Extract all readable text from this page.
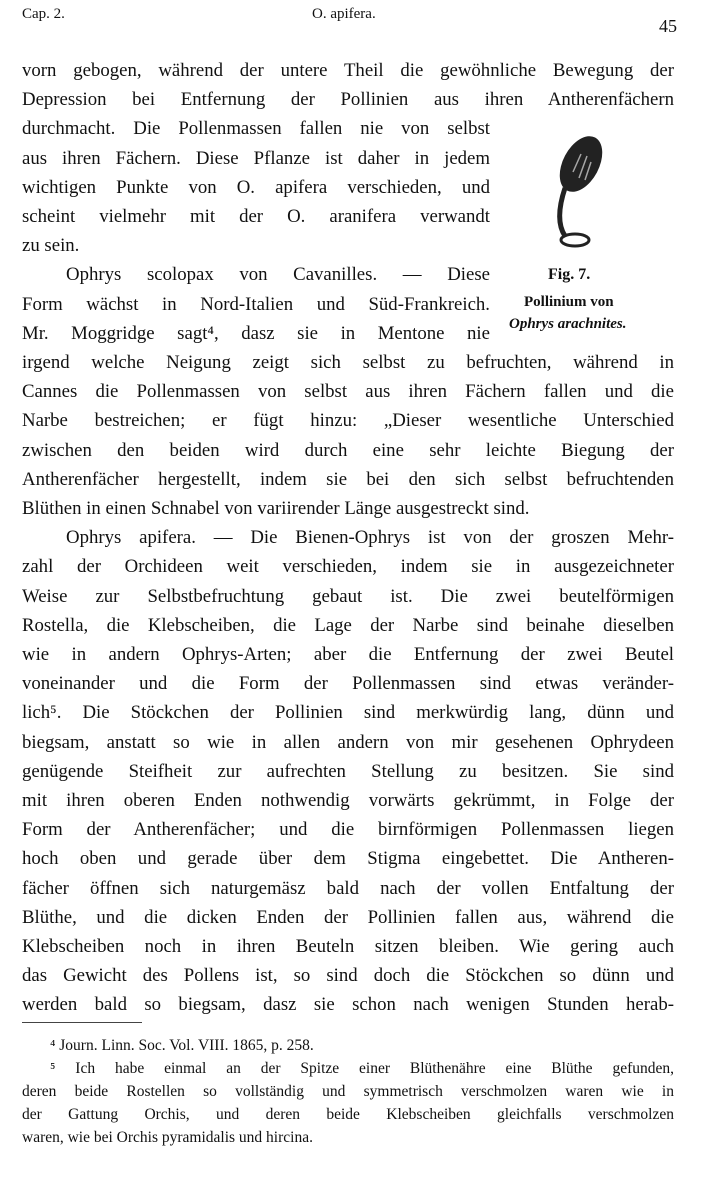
Cap. 2.	O. apifera.
45
vorn gebogen, während der untere Theil die gewöhnliche Bewegung der
Depression bei Entfernung der Pollinien aus ihren Antherenfächern
durchmacht. Die Pollenmassen fallen nie von selbst
aus ihren Fächern. Diese Pflanze ist daher in jedem
wichtigen Punkte von O. apifera verschieden, und
scheint vielmehr mit der O. aranifera verwandt
zu sein.
Ophrys scolopax von Cavanilles. — Diese
Form wächst in Nord-Italien und Süd-Frankreich.
Mr. Moggridge sagt⁴, dasz sie in Mentone nie
irgend welche Neigung zeigt sich selbst zu befruchten, während in
Cannes die Pollenmassen von selbst aus ihren Fächern fallen und die
Narbe bestreichen; er fügt hinzu: „Dieser wesentliche Unterschied
zwischen den beiden wird durch eine sehr leichte Biegung der
Antherenfächer hergestellt, indem sie bei den sich selbst befruchtenden
Blüthen in einen Schnabel von variirender Länge ausgestreckt sind.
Ophrys apifera. — Die Bienen-Ophrys ist von der groszen Mehr-
zahl der Orchideen weit verschieden, indem sie in ausgezeichneter
Weise zur Selbstbefruchtung gebaut ist. Die zwei beutelförmigen
Rostella, die Klebscheiben, die Lage der Narbe sind beinahe dieselben
wie in andern Ophrys-Arten; aber die Entfernung der zwei Beutel
voneinander und die Form der Pollenmassen sind etwas veränder-
lich⁵. Die Stöckchen der Pollinien sind merkwürdig lang, dünn und
biegsam, anstatt so wie in allen andern von mir gesehenen Ophrydeen
genügende Steifheit zur aufrechten Stellung zu besitzen. Sie sind
mit ihren oberen Enden nothwendig vorwärts gekrümmt, in Folge der
Form der Antherenfächer; und die birnförmigen Pollenmassen liegen
hoch oben und gerade über dem Stigma eingebettet. Die Antheren-
fächer öffnen sich naturgemäsz bald nach der vollen Entfaltung der
Blüthe, und die dicken Enden der Pollinien fallen aus, während die
Klebscheiben noch in ihren Beuteln sitzen bleiben. Wie gering auch
das Gewicht des Pollens ist, so sind doch die Stöckchen so dünn und
werden bald so biegsam, dasz sie schon nach wenigen Stunden herab-
Fig. 7.
Pollinium von
Ophrys arachnites.
⁴ Journ. Linn. Soc. Vol. VIII. 1865, p. 258.
⁵ Ich habe einmal an der Spitze einer Blüthenähre eine Blüthe gefunden,
deren beide Rostellen so vollständig und symmetrisch verschmolzen waren wie in
der Gattung Orchis, und deren beide Klebscheiben gleichfalls verschmolzen
waren, wie bei Orchis pyramidalis und hircina.
